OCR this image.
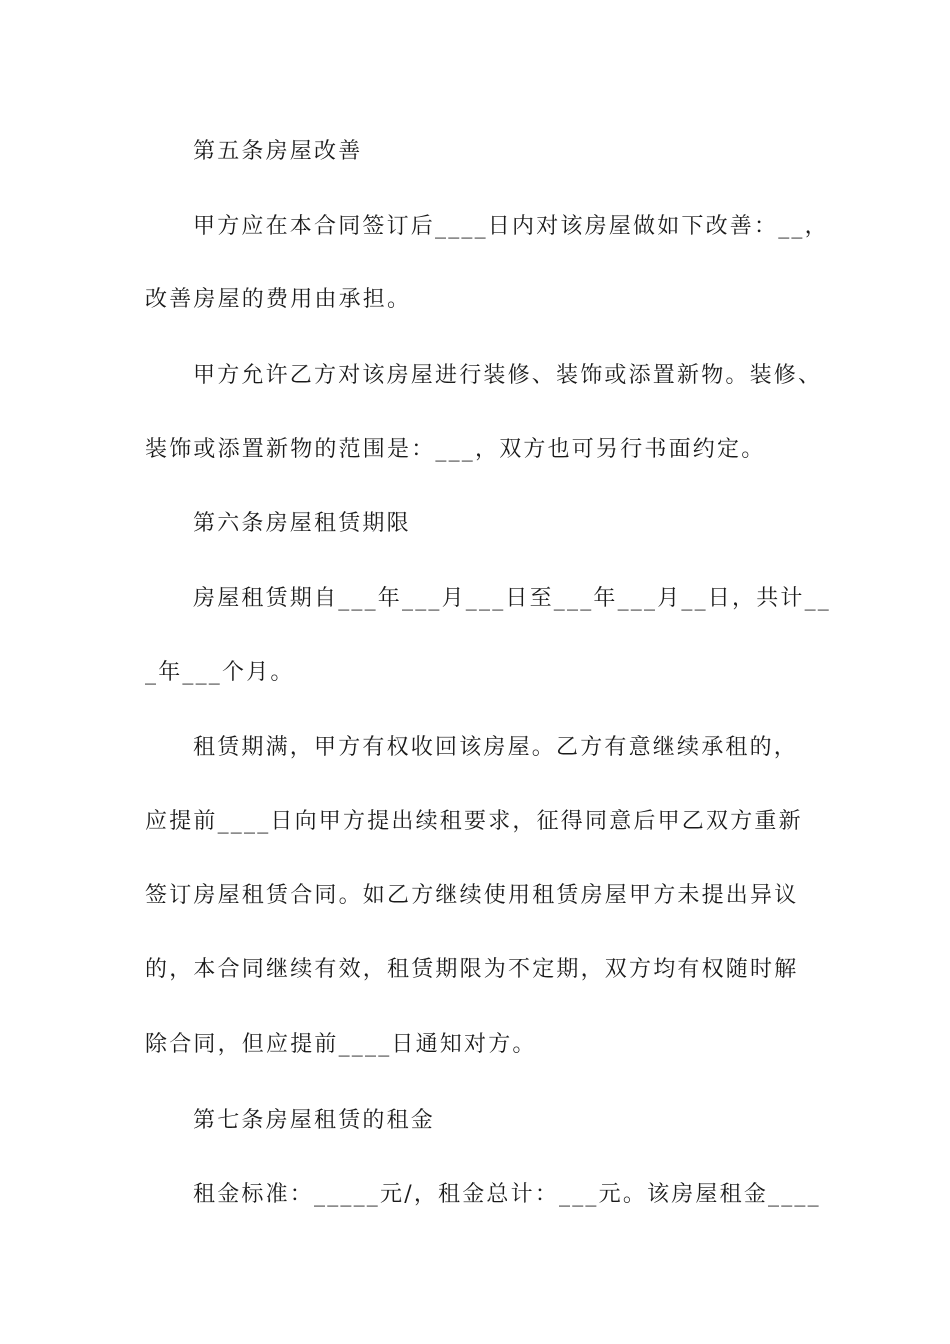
第五条房屋改善
甲方应在本合同签订后____日内对该房屋做如下改善：__，
改善房屋的费用由承担。
甲方允许乙方对该房屋进行装修、装饰或添置新物。装修、
装饰或添置新物的范围是：___，双方也可另行书面约定。
第六条房屋租赁期限
房屋租赁期自___年___月___日至___年___月__日，共计__
_年___个月。
租赁期满，甲方有权收回该房屋。乙方有意继续承租的，
应提前____日向甲方提出续租要求，征得同意后甲乙双方重新
签订房屋租赁合同。如乙方继续使用租赁房屋甲方未提出异议
的，本合同继续有效，租赁期限为不定期，双方均有权随时解
除合同，但应提前____日通知对方。
第七条房屋租赁的租金
租金标准：_____元/，租金总计：___元。该房屋租金____
